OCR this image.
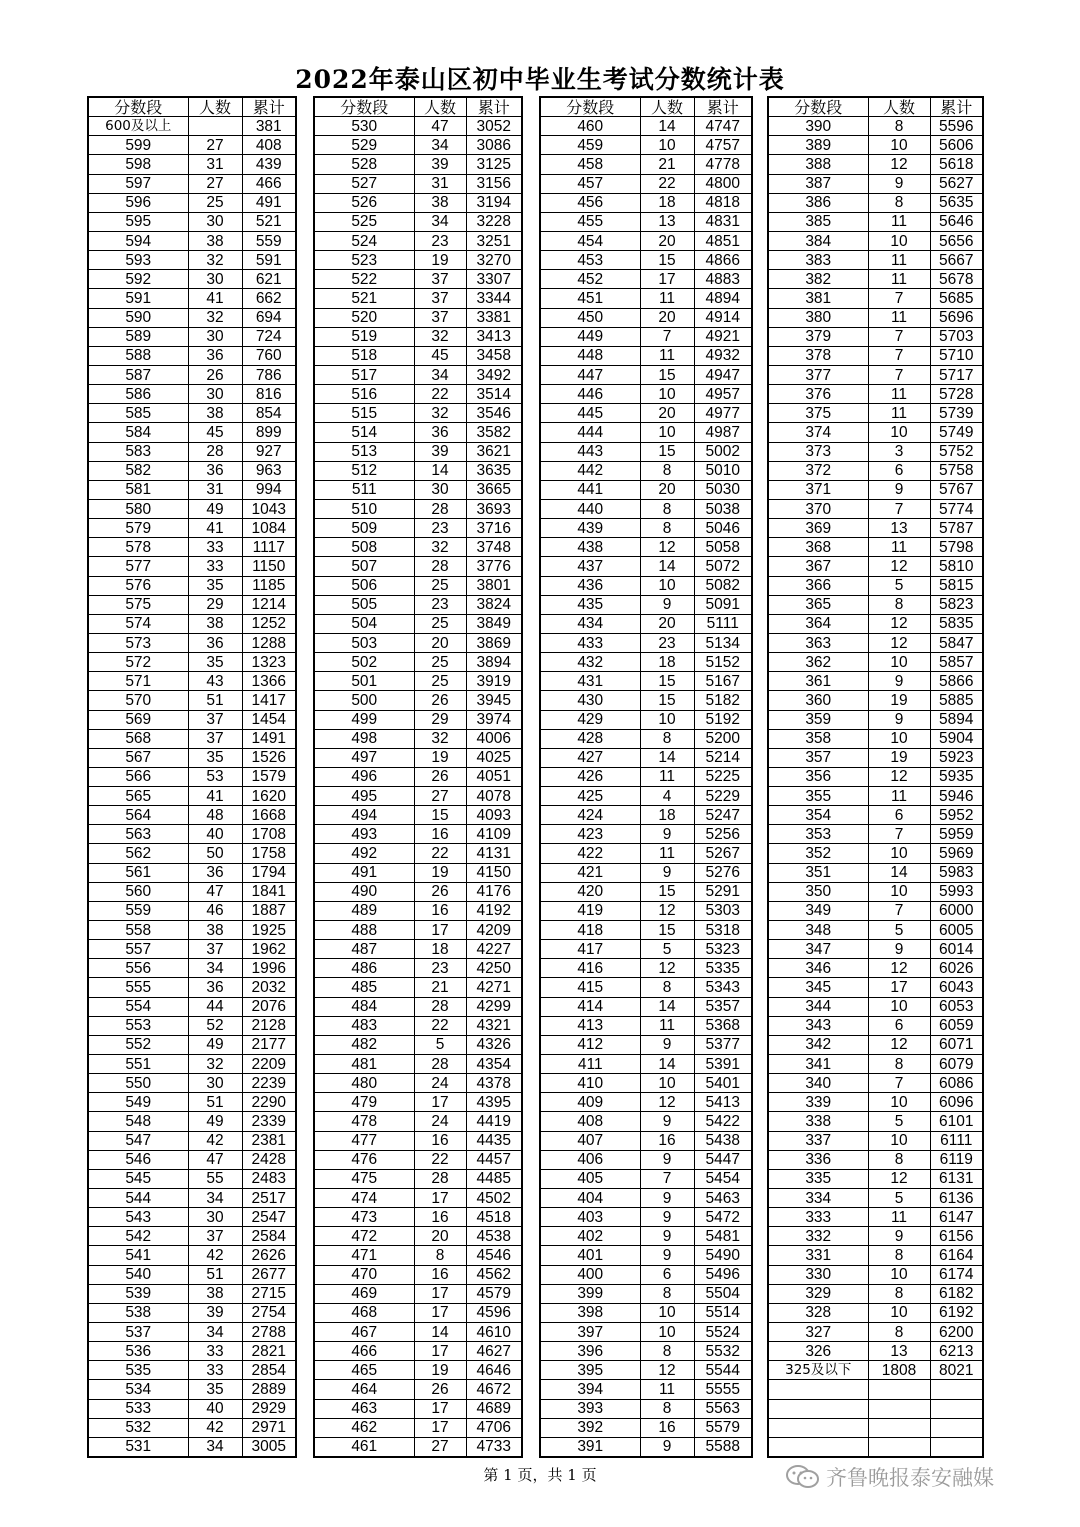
2022年泰山区初中毕业生考试分数统计表
分数段	人数	累计
600及以上		381
599	27	408
598	31	439
597	27	466
596	25	491
595	30	521
594	38	559
593	32	591
592	30	621
591	41	662
590	32	694
589	30	724
588	36	760
587	26	786
586	30	816
585	38	854
584	45	899
583	28	927
582	36	963
581	31	994
580	49	1043
579	41	1084
578	33	1117
577	33	1150
576	35	1185
575	29	1214
574	38	1252
573	36	1288
572	35	1323
571	43	1366
570	51	1417
569	37	1454
568	37	1491
567	35	1526
566	53	1579
565	41	1620
564	48	1668
563	40	1708
562	50	1758
561	36	1794
560	47	1841
559	46	1887
558	38	1925
557	37	1962
556	34	1996
555	36	2032
554	44	2076
553	52	2128
552	49	2177
551	32	2209
550	30	2239
549	51	2290
548	49	2339
547	42	2381
546	47	2428
545	55	2483
544	34	2517
543	30	2547
542	37	2584
541	42	2626
540	51	2677
539	38	2715
538	39	2754
537	34	2788
536	33	2821
535	33	2854
534	35	2889
533	40	2929
532	42	2971
531	34	3005
分数段	人数	累计
530	47	3052
529	34	3086
528	39	3125
527	31	3156
526	38	3194
525	34	3228
524	23	3251
523	19	3270
522	37	3307
521	37	3344
520	37	3381
519	32	3413
518	45	3458
517	34	3492
516	22	3514
515	32	3546
514	36	3582
513	39	3621
512	14	3635
511	30	3665
510	28	3693
509	23	3716
508	32	3748
507	28	3776
506	25	3801
505	23	3824
504	25	3849
503	20	3869
502	25	3894
501	25	3919
500	26	3945
499	29	3974
498	32	4006
497	19	4025
496	26	4051
495	27	4078
494	15	4093
493	16	4109
492	22	4131
491	19	4150
490	26	4176
489	16	4192
488	17	4209
487	18	4227
486	23	4250
485	21	4271
484	28	4299
483	22	4321
482	5	4326
481	28	4354
480	24	4378
479	17	4395
478	24	4419
477	16	4435
476	22	4457
475	28	4485
474	17	4502
473	16	4518
472	20	4538
471	8	4546
470	16	4562
469	17	4579
468	17	4596
467	14	4610
466	17	4627
465	19	4646
464	26	4672
463	17	4689
462	17	4706
461	27	4733
分数段	人数	累计
460	14	4747
459	10	4757
458	21	4778
457	22	4800
456	18	4818
455	13	4831
454	20	4851
453	15	4866
452	17	4883
451	11	4894
450	20	4914
449	7	4921
448	11	4932
447	15	4947
446	10	4957
445	20	4977
444	10	4987
443	15	5002
442	8	5010
441	20	5030
440	8	5038
439	8	5046
438	12	5058
437	14	5072
436	10	5082
435	9	5091
434	20	5111
433	23	5134
432	18	5152
431	15	5167
430	15	5182
429	10	5192
428	8	5200
427	14	5214
426	11	5225
425	4	5229
424	18	5247
423	9	5256
422	11	5267
421	9	5276
420	15	5291
419	12	5303
418	15	5318
417	5	5323
416	12	5335
415	8	5343
414	14	5357
413	11	5368
412	9	5377
411	14	5391
410	10	5401
409	12	5413
408	9	5422
407	16	5438
406	9	5447
405	7	5454
404	9	5463
403	9	5472
402	9	5481
401	9	5490
400	6	5496
399	8	5504
398	10	5514
397	10	5524
396	8	5532
395	12	5544
394	11	5555
393	8	5563
392	16	5579
391	9	5588
分数段	人数	累计
390	8	5596
389	10	5606
388	12	5618
387	9	5627
386	8	5635
385	11	5646
384	10	5656
383	11	5667
382	11	5678
381	7	5685
380	11	5696
379	7	5703
378	7	5710
377	7	5717
376	11	5728
375	11	5739
374	10	5749
373	3	5752
372	6	5758
371	9	5767
370	7	5774
369	13	5787
368	11	5798
367	12	5810
366	5	5815
365	8	5823
364	12	5835
363	12	5847
362	10	5857
361	9	5866
360	19	5885
359	9	5894
358	10	5904
357	19	5923
356	12	5935
355	11	5946
354	6	5952
353	7	5959
352	10	5969
351	14	5983
350	10	5993
349	7	6000
348	5	6005
347	9	6014
346	12	6026
345	17	6043
344	10	6053
343	6	6059
342	12	6071
341	8	6079
340	7	6086
339	10	6096
338	5	6101
337	10	6111
336	8	6119
335	12	6131
334	5	6136
333	11	6147
332	9	6156
331	8	6164
330	10	6174
329	8	6182
328	10	6192
327	8	6200
326	13	6213
325及以下	1808	8021

第 1 页，共 1 页	齐鲁晚报泰安融媒
